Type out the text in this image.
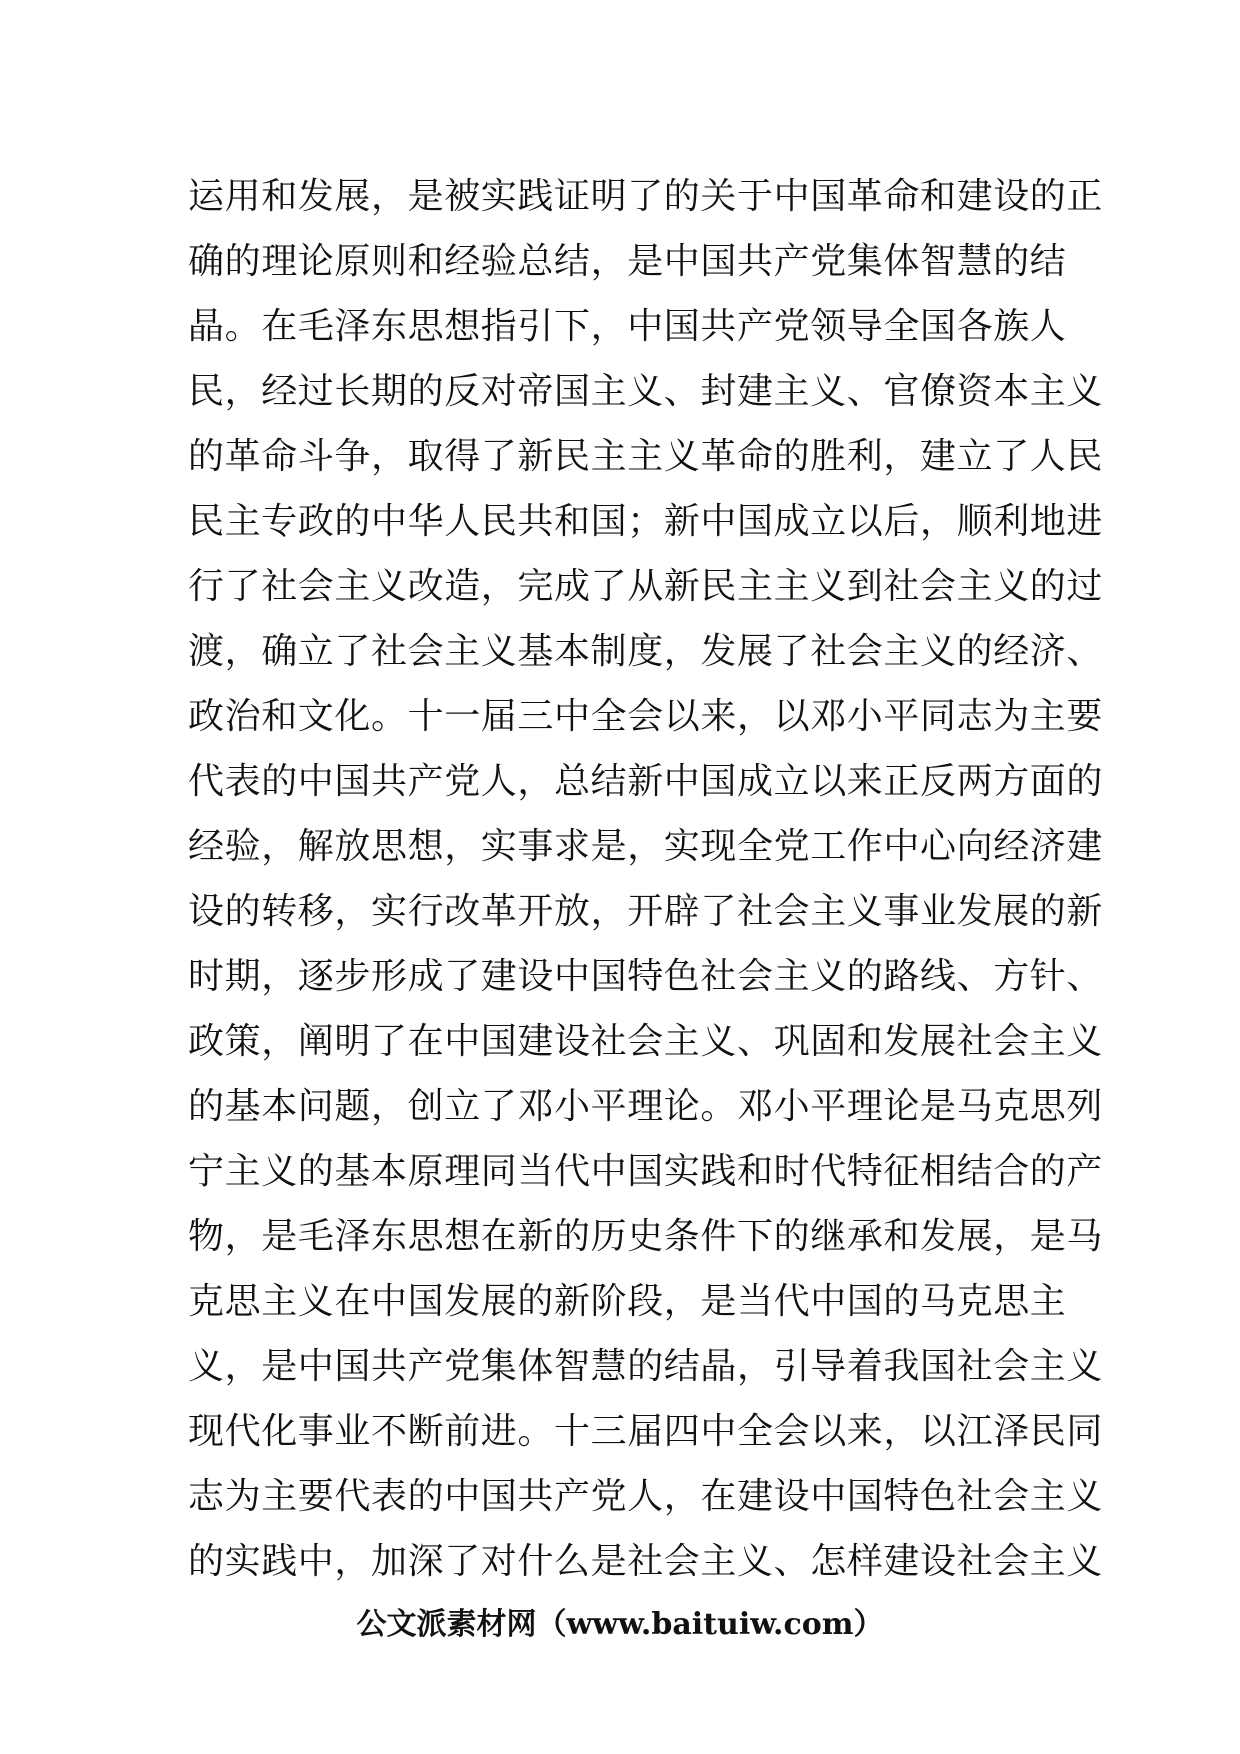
运用和发展，是被实践证明了的关于中国革命和建设的正
确的理论原则和经验总结，是中国共产党集体智慧的结
晶。在毛泽东思想指引下，中国共产党领导全国各族人
民，经过长期的反对帝国主义、封建主义、官僚资本主义
的革命斗争，取得了新民主主义革命的胜利，建立了人民
民主专政的中华人民共和国；新中国成立以后，顺利地进
行了社会主义改造，完成了从新民主主义到社会主义的过
渡，确立了社会主义基本制度，发展了社会主义的经济、
政治和文化。十一届三中全会以来，以邓小平同志为主要
代表的中国共产党人，总结新中国成立以来正反两方面的
经验，解放思想，实事求是，实现全党工作中心向经济建
设的转移，实行改革开放，开辟了社会主义事业发展的新
时期，逐步形成了建设中国特色社会主义的路线、方针、
政策，阐明了在中国建设社会主义、巩固和发展社会主义
的基本问题，创立了邓小平理论。邓小平理论是马克思列
宁主义的基本原理同当代中国实践和时代特征相结合的产
物，是毛泽东思想在新的历史条件下的继承和发展，是马
克思主义在中国发展的新阶段，是当代中国的马克思主
义，是中国共产党集体智慧的结晶，引导着我国社会主义
现代化事业不断前进。十三届四中全会以来，以江泽民同
志为主要代表的中国共产党人，在建设中国特色社会主义
的实践中，加深了对什么是社会主义、怎样建设社会主义
公文派素材网（www.baituiw.com）
